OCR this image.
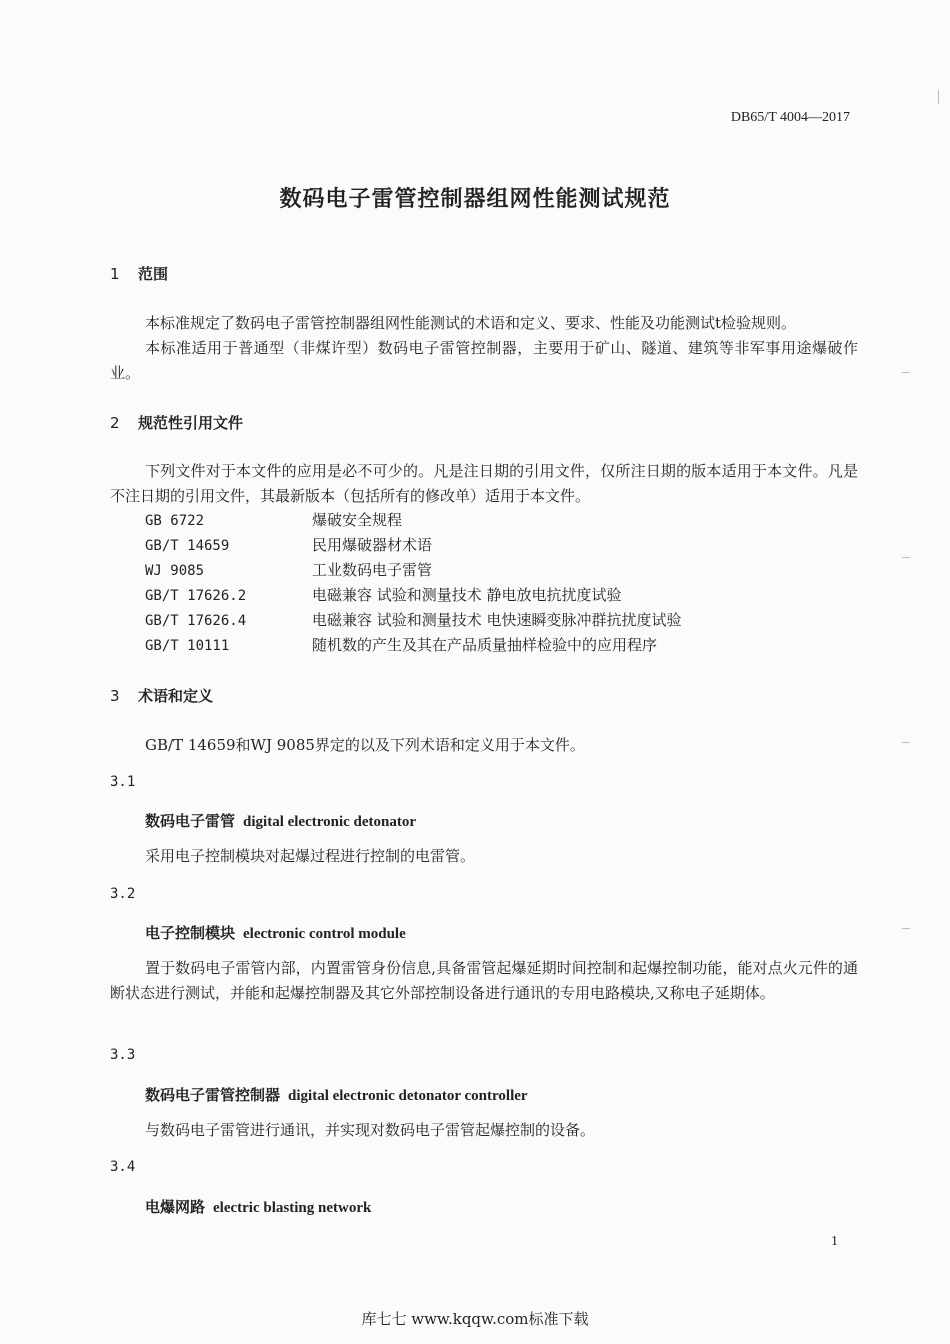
DB65/T 4004—2017
数码电子雷管控制器组网性能测试规范
1 范围
本标准规定了数码电子雷管控制器组网性能测试的术语和定义、要求、性能及功能测试t检验规则。
本标准适用于普通型（非煤许型）数码电子雷管控制器，主要用于矿山、隧道、建筑等非军事用途爆破作业。
2 规范性引用文件
下列文件对于本文件的应用是必不可少的。凡是注日期的引用文件，仅所注日期的版本适用于本文件。凡是不注日期的引用文件，其最新版本（包括所有的修改单）适用于本文件。
GB 6722	爆破安全规程
GB/T 14659	民用爆破器材术语
WJ 9085	工业数码电子雷管
GB/T 17626.2	电磁兼容 试验和测量技术 静电放电抗扰度试验
GB/T 17626.4	电磁兼容 试验和测量技术 电快速瞬变脉冲群抗扰度试验
GB/T 10111	随机数的产生及其在产品质量抽样检验中的应用程序
3 术语和定义
GB/T 14659和WJ 9085界定的以及下列术语和定义用于本文件。
3.1
数码电子雷管 digital electronic detonator
采用电子控制模块对起爆过程进行控制的电雷管。
3.2
电子控制模块 electronic control module
置于数码电子雷管内部，内置雷管身份信息,具备雷管起爆延期时间控制和起爆控制功能，能对点火元件的通断状态进行测试，并能和起爆控制器及其它外部控制设备进行通讯的专用电路模块,又称电子延期体。
3.3
数码电子雷管控制器 digital electronic detonator controller
与数码电子雷管进行通讯，并实现对数码电子雷管起爆控制的设备。
3.4
电爆网路 electric blasting network
1
库七七 www.kqqw.com标准下载
